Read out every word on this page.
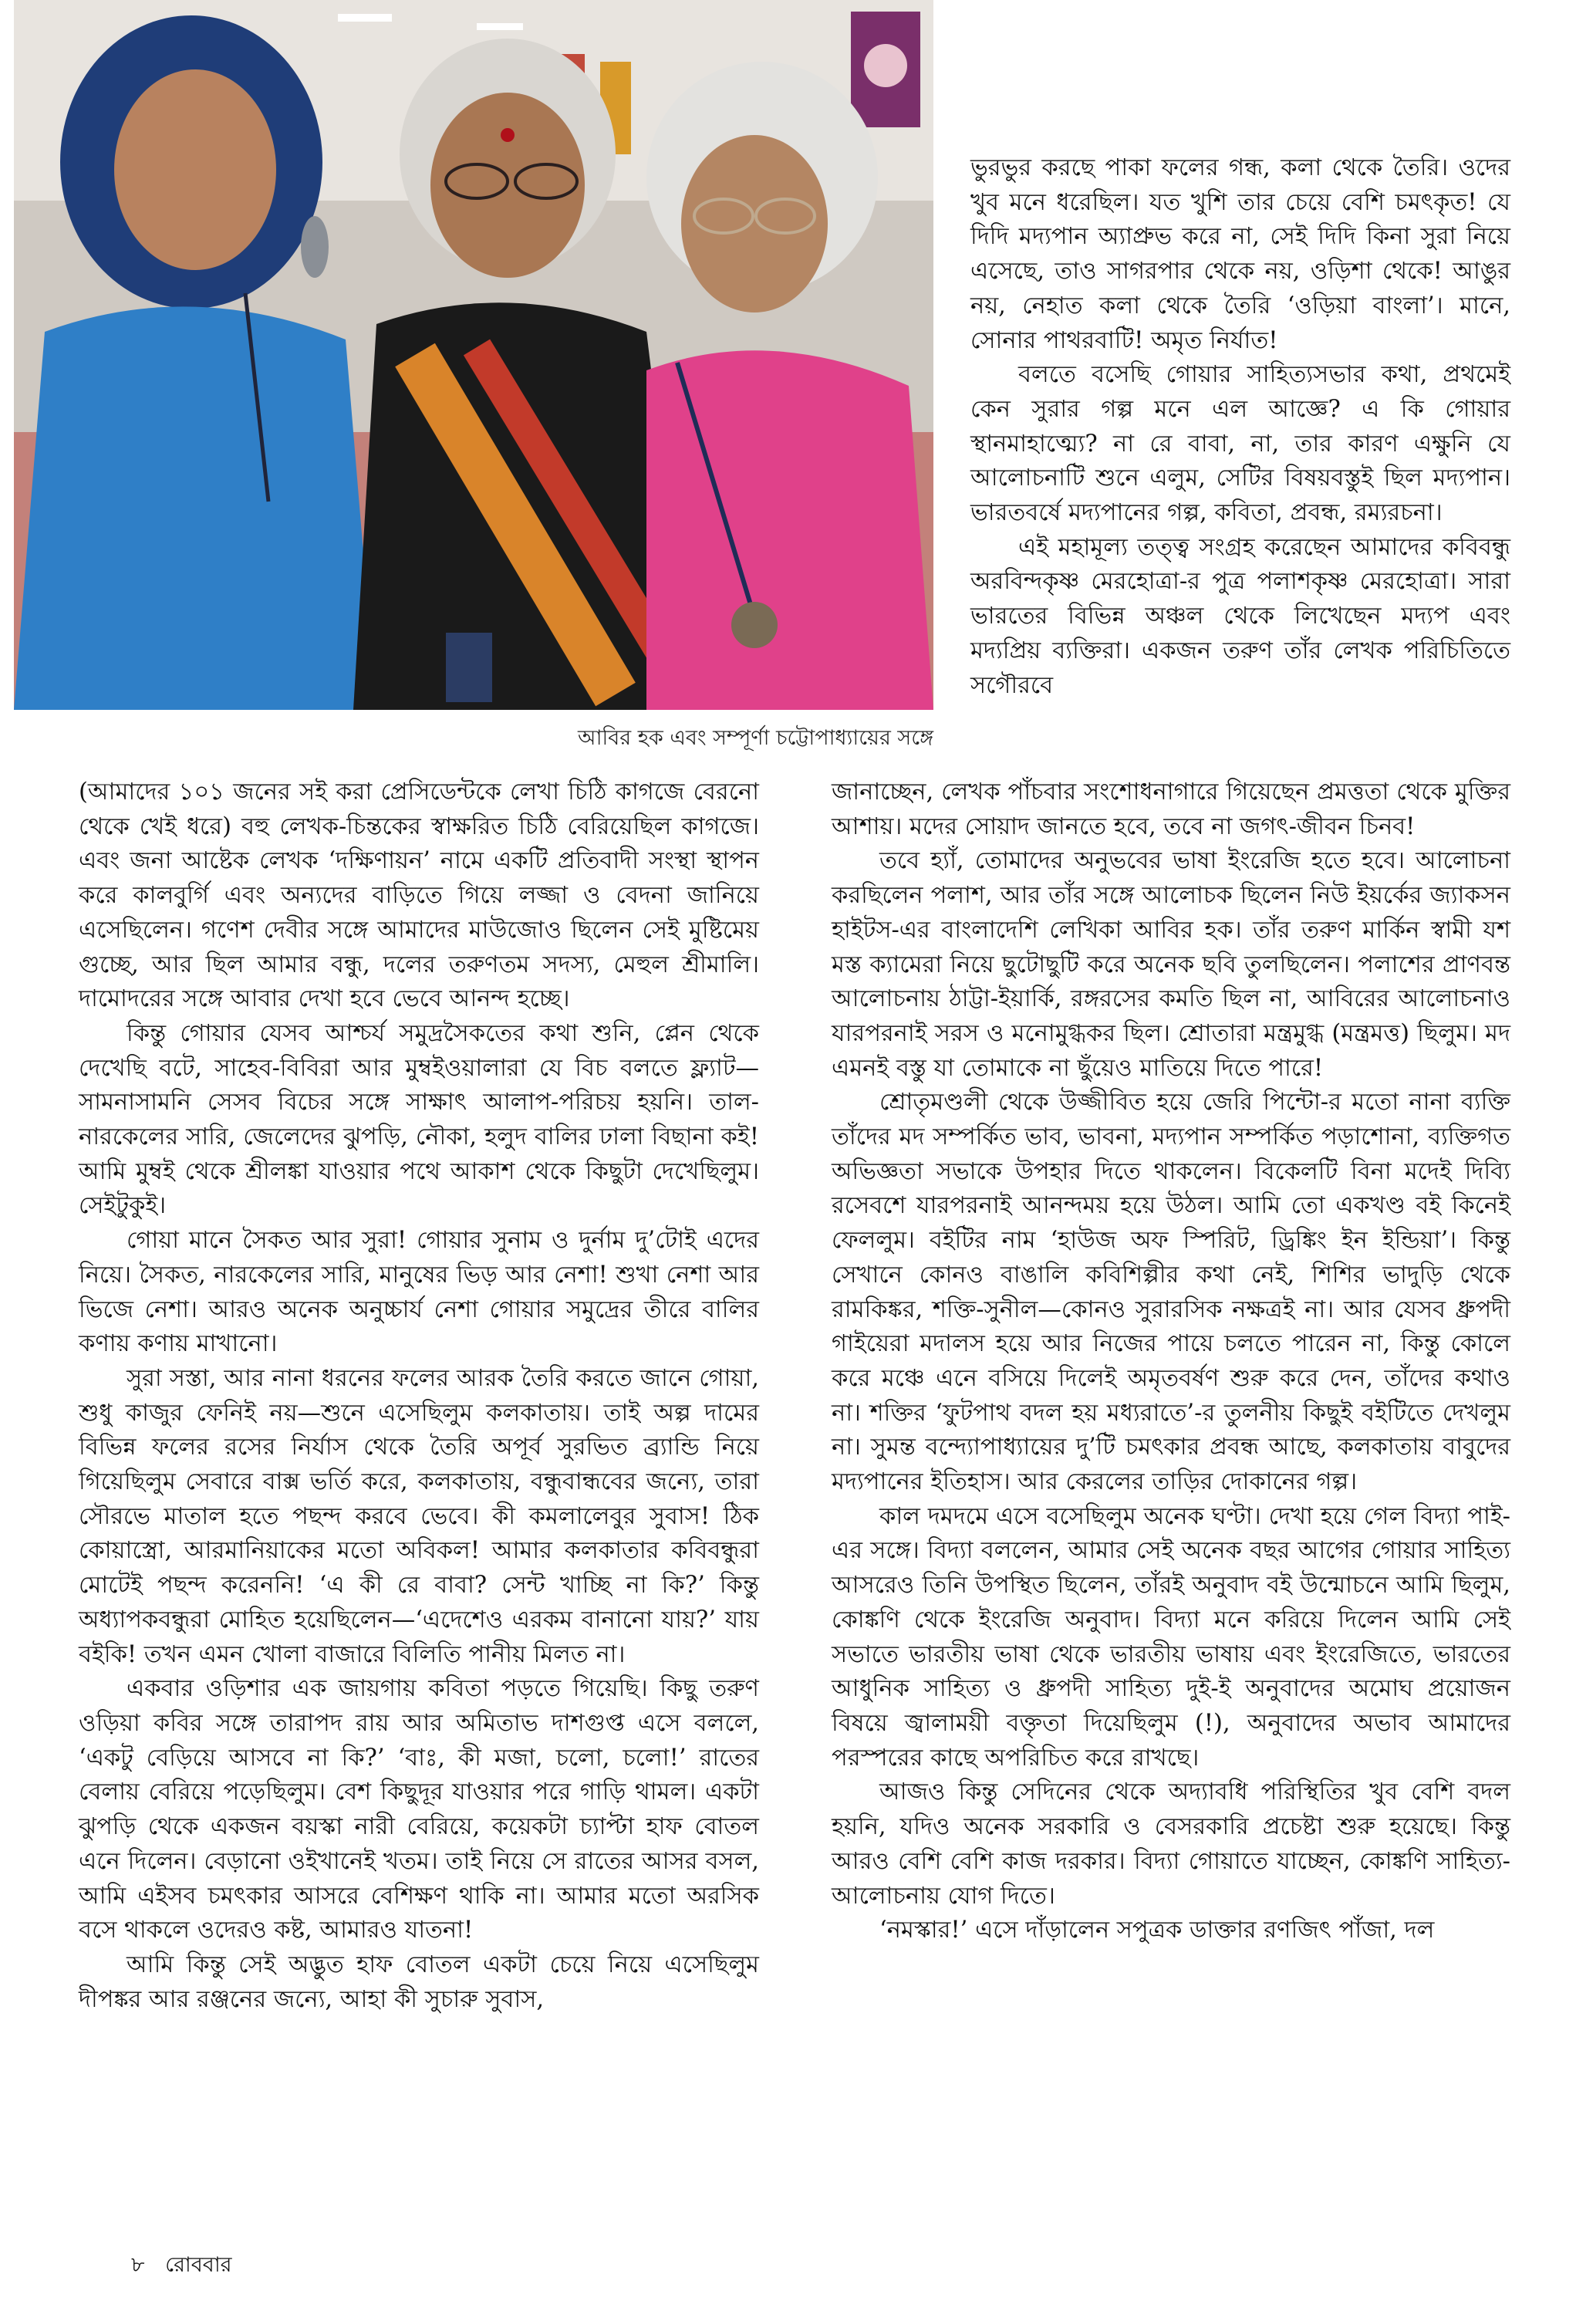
আবির হক এবং সম্পূর্ণা চট্টোপাধ্যায়ের সঙ্গে

ভুরভুর করছে পাকা ফলের গন্ধ, কলা থেকে তৈরি। ওদের খুব মনে ধরেছিল। যত খুশি তার চেয়ে বেশি চমৎকৃত! যে দিদি মদ্যপান অ্যাপ্রুভ করে না, সেই দিদি কিনা সুরা নিয়ে এসেছে, তাও সাগরপার থেকে নয়, ওড়িশা থেকে! আঙুর নয়, নেহাত কলা থেকে তৈরি ‘ওড়িয়া বাংলা’। মানে, সোনার পাথরবাটি! অমৃত নির্যাত!

বলতে বসেছি গোয়ার সাহিত্যসভার কথা, প্রথমেই কেন সুরার গল্প মনে এল আজ্ঞে? এ কি গোয়ার স্থানমাহাত্ম্যে? না রে বাবা, না, তার কারণ এক্ষুনি যে আলোচনাটি শুনে এলুম, সেটির বিষয়বস্তুই ছিল মদ্যপান। ভারতবর্ষে মদ্যপানের গল্প, কবিতা, প্রবন্ধ, রম্যরচনা।

এই মহামূল্য তত্ত্ব সংগ্রহ করেছেন আমাদের কবিবন্ধু অরবিন্দকৃষ্ণ মেরহোত্রা-র পুত্র পলাশকৃষ্ণ মেরহোত্রা। সারা ভারতের বিভিন্ন অঞ্চল থেকে লিখেছেন মদ্যপ এবং মদ্যপ্রিয় ব্যক্তিরা। একজন তরুণ তাঁর লেখক পরিচিতিতে সগৌরবে

(আমাদের ১০১ জনের সই করা প্রেসিডেন্টকে লেখা চিঠি কাগজে বেরনো থেকে খেই ধরে) বহু লেখক-চিন্তকের স্বাক্ষরিত চিঠি বেরিয়েছিল কাগজে। এবং জনা আষ্টেক লেখক ‘দক্ষিণায়ন’ নামে একটি প্রতিবাদী সংস্থা স্থাপন করে কালবুর্গি এবং অন্যদের বাড়িতে গিয়ে লজ্জা ও বেদনা জানিয়ে এসেছিলেন। গণেশ দেবীর সঙ্গে আমাদের মাউজোও ছিলেন সেই মুষ্টিমেয় গুচ্ছে, আর ছিল আমার বন্ধু, দলের তরুণতম সদস্য, মেহুল শ্রীমালি। দামোদরের সঙ্গে আবার দেখা হবে ভেবে আনন্দ হচ্ছে।

কিন্তু গোয়ার যেসব আশ্চর্য সমুদ্রসৈকতের কথা শুনি, প্লেন থেকে দেখেছি বটে, সাহেব-বিবিরা আর মুম্বইওয়ালারা যে বিচ বলতে ফ্ল্যাট—সামনাসামনি সেসব বিচের সঙ্গে সাক্ষাৎ আলাপ-পরিচয় হয়নি। তাল-নারকেলের সারি, জেলেদের ঝুপড়ি, নৌকা, হলুদ বালির ঢালা বিছানা কই! আমি মুম্বই থেকে শ্রীলঙ্কা যাওয়ার পথে আকাশ থেকে কিছুটা দেখেছিলুম। সেইটুকুই।

গোয়া মানে সৈকত আর সুরা! গোয়ার সুনাম ও দুর্নাম দু’টোই এদের নিয়ে। সৈকত, নারকেলের সারি, মানুষের ভিড় আর নেশা! শুখা নেশা আর ভিজে নেশা। আরও অনেক অনুচ্চার্য নেশা গোয়ার সমুদ্রের তীরে বালির কণায় কণায় মাখানো।

সুরা সস্তা, আর নানা ধরনের ফলের আরক তৈরি করতে জানে গোয়া, শুধু কাজুর ফেনিই নয়—শুনে এসেছিলুম কলকাতায়। তাই অল্প দামের বিভিন্ন ফলের রসের নির্যাস থেকে তৈরি অপূর্ব সুরভিত ব্র্যান্ডি নিয়ে গিয়েছিলুম সেবারে বাক্স ভর্তি করে, কলকাতায়, বন্ধুবান্ধবের জন্যে, তারা সৌরভে মাতাল হতে পছন্দ করবে ভেবে। কী কমলালেবুর সুবাস! ঠিক কোয়াস্ত্রো, আরমানিয়াকের মতো অবিকল! আমার কলকাতার কবিবন্ধুরা মোটেই পছন্দ করেননি! ‘এ কী রে বাবা? সেন্ট খাচ্ছি না কি?’ কিন্তু অধ্যাপকবন্ধুরা মোহিত হয়েছিলেন—‘এদেশেও এরকম বানানো যায়?’ যায় বইকি! তখন এমন খোলা বাজারে বিলিতি পানীয় মিলত না।

একবার ওড়িশার এক জায়গায় কবিতা পড়তে গিয়েছি। কিছু তরুণ ওড়িয়া কবির সঙ্গে তারাপদ রায় আর অমিতাভ দাশগুপ্ত এসে বললে, ‘একটু বেড়িয়ে আসবে না কি?’ ‘বাঃ, কী মজা, চলো, চলো!’ রাতের বেলায় বেরিয়ে পড়েছিলুম। বেশ কিছুদূর যাওয়ার পরে গাড়ি থামল। একটা ঝুপড়ি থেকে একজন বয়স্কা নারী বেরিয়ে, কয়েকটা চ্যাপ্টা হাফ বোতল এনে দিলেন। বেড়ানো ওইখানেই খতম। তাই নিয়ে সে রাতের আসর বসল, আমি এইসব চমৎকার আসরে বেশিক্ষণ থাকি না। আমার মতো অরসিক বসে থাকলে ওদেরও কষ্ট, আমারও যাতনা!

আমি কিন্তু সেই অদ্ভুত হাফ বোতল একটা চেয়ে নিয়ে এসেছিলুম দীপঙ্কর আর রঞ্জনের জন্যে, আহা কী সুচারু সুবাস,

জানাচ্ছেন, লেখক পাঁচবার সংশোধনাগারে গিয়েছেন প্রমত্ততা থেকে মুক্তির আশায়। মদের সোয়াদ জানতে হবে, তবে না জগৎ-জীবন চিনব!

তবে হ্যাঁ, তোমাদের অনুভবের ভাষা ইংরেজি হতে হবে। আলোচনা করছিলেন পলাশ, আর তাঁর সঙ্গে আলোচক ছিলেন নিউ ইয়র্কের জ্যাকসন হাইটস-এর বাংলাদেশি লেখিকা আবির হক। তাঁর তরুণ মার্কিন স্বামী যশ মস্ত ক্যামেরা নিয়ে ছুটোছুটি করে অনেক ছবি তুলছিলেন। পলাশের প্রাণবন্ত আলোচনায় ঠাট্টা-ইয়ার্কি, রঙ্গরসের কমতি ছিল না, আবিরের আলোচনাও যারপরনাই সরস ও মনোমুগ্ধকর ছিল। শ্রোতারা মন্ত্রমুগ্ধ (মন্ত্রমত্ত) ছিলুম। মদ এমনই বস্তু যা তোমাকে না ছুঁয়েও মাতিয়ে দিতে পারে!

শ্রোতৃমণ্ডলী থেকে উজ্জীবিত হয়ে জেরি পিন্টো-র মতো নানা ব্যক্তি তাঁদের মদ সম্পর্কিত ভাব, ভাবনা, মদ্যপান সম্পর্কিত পড়াশোনা, ব্যক্তিগত অভিজ্ঞতা সভাকে উপহার দিতে থাকলেন। বিকেলটি বিনা মদেই দিব্যি রসেবশে যারপরনাই আনন্দময় হয়ে উঠল। আমি তো একখণ্ড বই কিনেই ফেললুম। বইটির নাম ‘হাউজ অফ স্পিরিট, ড্রিঙ্কিং ইন ইন্ডিয়া’। কিন্তু সেখানে কোনও বাঙালি কবিশিল্পীর কথা নেই, শিশির ভাদুড়ি থেকে রামকিঙ্কর, শক্তি-সুনীল—কোনও সুরারসিক নক্ষত্রই না। আর যেসব ধ্রুপদী গাইয়েরা মদালস হয়ে আর নিজের পায়ে চলতে পারেন না, কিন্তু কোলে করে মঞ্চে এনে বসিয়ে দিলেই অমৃতবর্ষণ শুরু করে দেন, তাঁদের কথাও না। শক্তির ‘ফুটপাথ বদল হয় মধ্যরাতে’-র তুলনীয় কিছুই বইটিতে দেখলুম না। সুমন্ত বন্দ্যোপাধ্যায়ের দু’টি চমৎকার প্রবন্ধ আছে, কলকাতায় বাবুদের মদ্যপানের ইতিহাস। আর কেরলের তাড়ির দোকানের গল্প।

কাল দমদমে এসে বসেছিলুম অনেক ঘণ্টা। দেখা হয়ে গেল বিদ্যা পাই-এর সঙ্গে। বিদ্যা বললেন, আমার সেই অনেক বছর আগের গোয়ার সাহিত্য আসরেও তিনি উপস্থিত ছিলেন, তাঁরই অনুবাদ বই উন্মোচনে আমি ছিলুম, কোঙ্কণি থেকে ইংরেজি অনুবাদ। বিদ্যা মনে করিয়ে দিলেন আমি সেই সভাতে ভারতীয় ভাষা থেকে ভারতীয় ভাষায় এবং ইংরেজিতে, ভারতের আধুনিক সাহিত্য ও ধ্রুপদী সাহিত্য দুই-ই অনুবাদের অমোঘ প্রয়োজন বিষয়ে জ্বালাময়ী বক্তৃতা দিয়েছিলুম (!), অনুবাদের অভাব আমাদের পরস্পরের কাছে অপরিচিত করে রাখছে।

আজও কিন্তু সেদিনের থেকে অদ্যাবধি পরিস্থিতির খুব বেশি বদল হয়নি, যদিও অনেক সরকারি ও বেসরকারি প্রচেষ্টা শুরু হয়েছে। কিন্তু আরও বেশি বেশি কাজ দরকার। বিদ্যা গোয়াতে যাচ্ছেন, কোঙ্কণি সাহিত্য-আলোচনায় যোগ দিতে।

‘নমস্কার!’ এসে দাঁড়ালেন সপুত্রক ডাক্তার রণজিৎ পাঁজা, দল

৮ রোববার
